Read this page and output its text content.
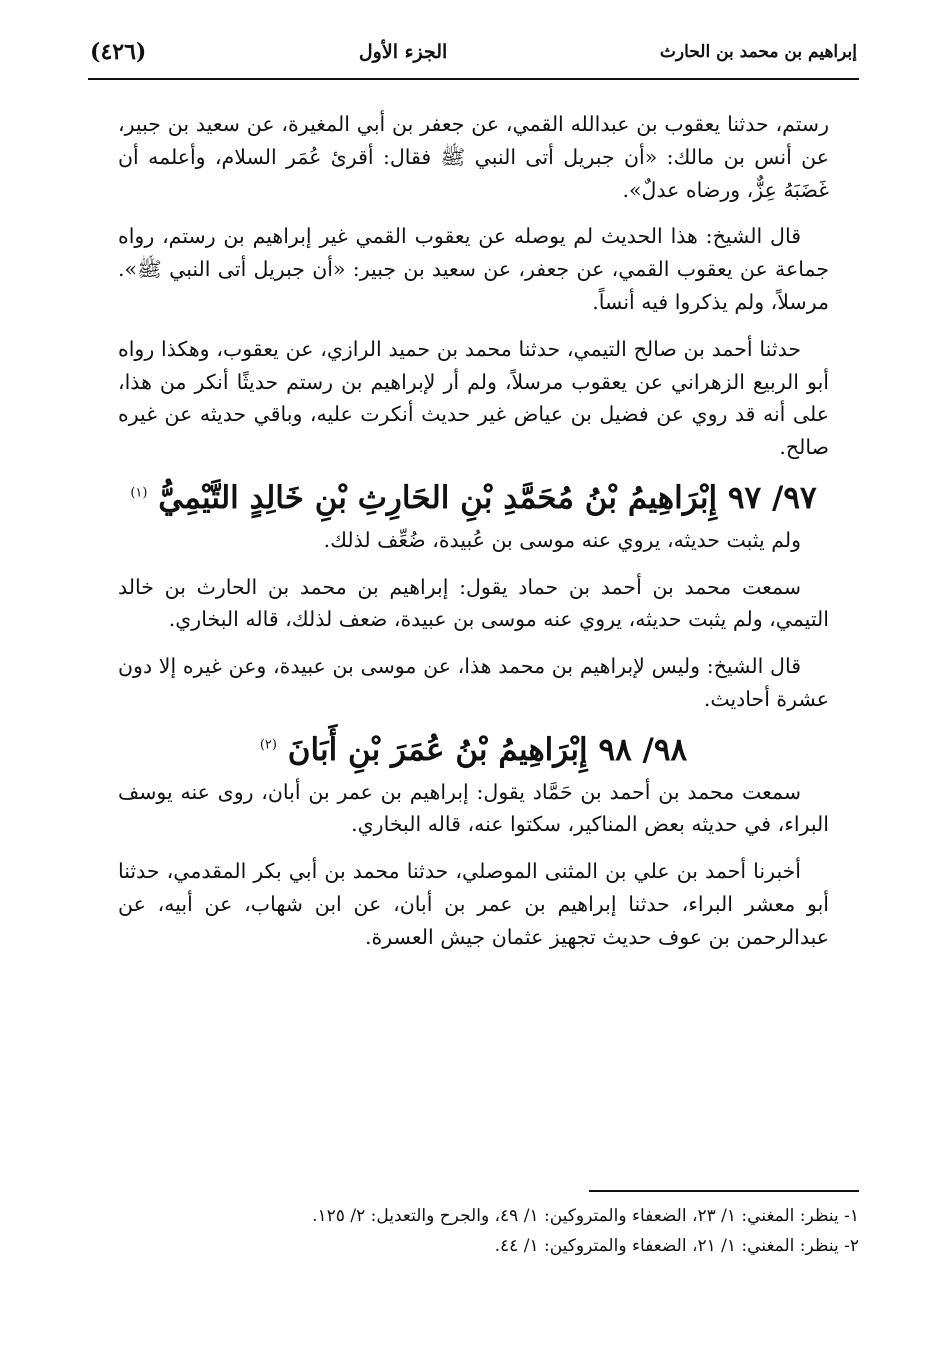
إبراهيم بن محمد بن الحارث
الجزء الأول
(٤٢٦)

رستم، حدثنا يعقوب بن عبدالله القمي، عن جعفر بن أبي المغيرة، عن سعيد بن جبير، عن أنس بن مالك: «أن جبريل أتى النبي ﷺ فقال: أقرئ عُمَر السلام، وأعلمه أن غَضَبَهُ عِزٌّ، ورضاه عدلٌ».

قال الشيخ: هذا الحديث لم يوصله عن يعقوب القمي غير إبراهيم بن رستم، رواه جماعة عن يعقوب القمي، عن جعفر، عن سعيد بن جبير: «أن جبريل أتى النبي ﷺ». مرسلاً، ولم يذكروا فيه أنساً.

حدثنا أحمد بن صالح التيمي، حدثنا محمد بن حميد الرازي، عن يعقوب، وهكذا رواه أبو الربيع الزهراني عن يعقوب مرسلاً، ولم أر لإبراهيم بن رستم حديثًا أنكر من هذا، على أنه قد روي عن فضيل بن عياض غير حديث أنكرت عليه، وباقي حديثه عن غيره صالح.

٩٧/ ٩٧ إِبْرَاهِيمُ بْنُ مُحَمَّدِ بْنِ الحَارِثِ بْنِ خَالِدٍ التَّيْمِيُّ $^{(١)}$

ولم يثبت حديثه، يروي عنه موسى بن عُبيدة، ضُعِّف لذلك.

سمعت محمد بن أحمد بن حماد يقول: إبراهيم بن محمد بن الحارث بن خالد التيمي، ولم يثبت حديثه، يروي عنه موسى بن عبيدة، ضعف لذلك، قاله البخاري.

قال الشيخ: وليس لإبراهيم بن محمد هذا، عن موسى بن عبيدة، وعن غيره إلا دون عشرة أحاديث.

٩٨/ ٩٨ إِبْرَاهِيمُ بْنُ عُمَرَ بْنِ أَبَانَ $^{(٢)}$

سمعت محمد بن أحمد بن حَمَّاد يقول: إبراهيم بن عمر بن أبان، روى عنه يوسف البراء، في حديثه بعض المناكير، سكتوا عنه، قاله البخاري.

أخبرنا أحمد بن علي بن المثنى الموصلي، حدثنا محمد بن أبي بكر المقدمي، حدثنا أبو معشر البراء، حدثنا إبراهيم بن عمر بن أبان، عن ابن شهاب، عن أبيه، عن عبدالرحمن بن عوف حديث تجهيز عثمان جيش العسرة.

١- ينظر: المغني: ١/ ٢٣، الضعفاء والمتروكين: ١/ ٤٩، والجرح والتعديل: ٢/ ١٢٥.
٢- ينظر: المغني: ١/ ٢١، الضعفاء والمتروكين: ١/ ٤٤.
